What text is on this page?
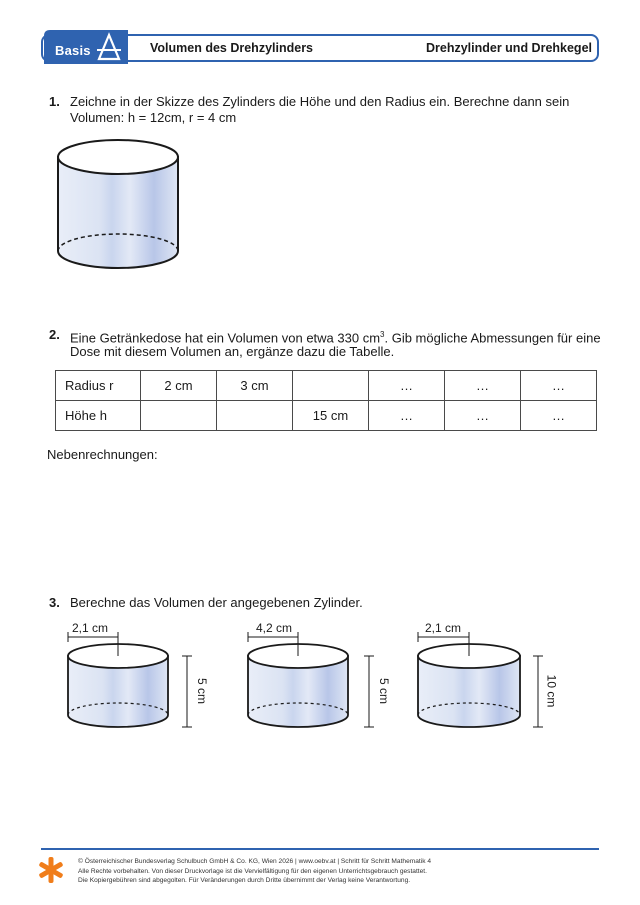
Basis	Volumen des Drehzylinders	Drehzylinder und Drehkegel
1. Zeichne in der Skizze des Zylinders die Höhe und den Radius ein. Berechne dann sein
Volumen: h = 12cm, r = 4 cm
2. Eine Getränkedose hat ein Volumen von etwa 330 $cm^3$. Gib mögliche Abmessungen für eine
Dose mit diesem Volumen an, ergänze dazu die Tabelle.
Radius r	2 cm	3 cm		…	…	…
Höhe h			15 cm	…	…	…
Nebenrechnungen:
3. Berechne das Volumen der angegebenen Zylinder.
2,1 cm
5 cm
4,2 cm
5 cm
2,1 cm
10 cm
© Österreichischer Bundesverlag Schulbuch GmbH & Co. KG, Wien 2026 | www.oebv.at | Schritt für Schritt Mathematik 4
Alle Rechte vorbehalten. Von dieser Druckvorlage ist die Vervielfältigung für den eigenen Unterrichtsgebrauch gestattet.
Die Kopiergebühren sind abgegolten. Für Veränderungen durch Dritte übernimmt der Verlag keine Verantwortung.
